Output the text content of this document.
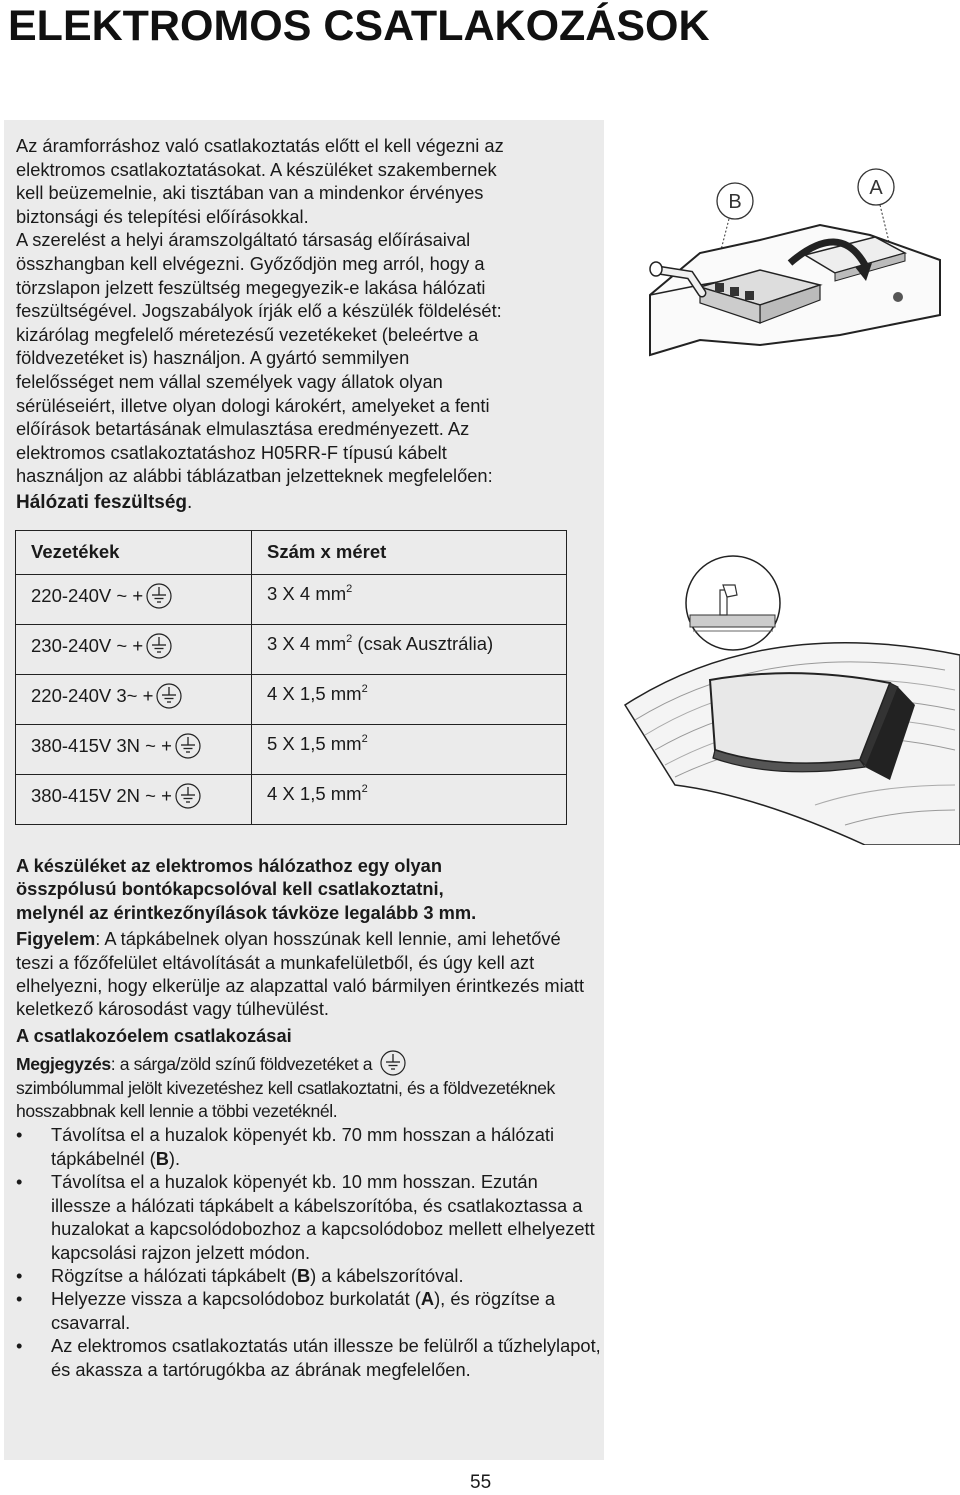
ELEKTROMOS CSATLAKOZÁSOK
Az áramforráshoz való csatlakoztatás előtt el kell végezni az
elektromos csatlakoztatásokat. A készüléket szakembernek
kell beüzemelnie, aki tisztában van a mindenkor érvényes
biztonsági és telepítési előírásokkal.
A szerelést a helyi áramszolgáltató társaság előírásaival
összhangban kell elvégezni. Győződjön meg arról, hogy a
törzslapon jelzett feszültség megegyezik-e lakása hálózati
feszültségével. Jogszabályok írják elő a készülék földelését:
kizárólag megfelelő méretezésű vezetékeket (beleértve a
földvezetéket is) használjon. A gyártó semmilyen
felelősséget nem vállal személyek vagy állatok olyan
sérüléseiért, illetve olyan dologi károkért, amelyeket a fenti
előírások betartásának elmulasztása eredményezett. Az
elektromos csatlakoztatáshoz H05RR-F típusú kábelt
használjon az alábbi táblázatban jelzetteknek megfelelően:
Hálózati feszültség.
Vezetékek	Szám x méret
220-240V ~ +	3 X 4 $mm^2$
230-240V ~ +	3 X 4 $mm^2$ (csak Ausztrália)
220-240V 3~ +	4 X 1,5 $mm^2$
380-415V 3N ~ +	5 X 1,5 $mm^2$
380-415V 2N ~ +	4 X 1,5 $mm^2$
A készüléket az elektromos hálózathoz egy olyan
összpólusú bontókapcsolóval kell csatlakoztatni,
melynél az érintkezőnyílások távköze legalább 3 mm.
Figyelem: A tápkábelnek olyan hosszúnak kell lennie, ami lehetővé teszi a főzőfelület eltávolítását a munkafelületből, és úgy kell azt elhelyezni, hogy elkerülje az alapzattal való bármilyen érintkezés miatt keletkező károsodást vagy túlhevülést.
A csatlakozóelem csatlakozásai
Megjegyzés: a sárga/zöld színű földvezetéket a
szimbólummal jelölt kivezetéshez kell csatlakoztatni, és a földvezetéknek hosszabbnak kell lennie a többi vezetéknél.
• Távolítsa el a huzalok köpenyét kb. 70 mm hosszan a hálózati tápkábelnél (B).
• Távolítsa el a huzalok köpenyét kb. 10 mm hosszan. Ezután illessze a hálózati tápkábelt a kábelszorítóba, és csatlakoztassa a huzalokat a kapcsolódobozhoz a kapcsolódoboz mellett elhelyezett kapcsolási rajzon jelzett módon.
• Rögzítse a hálózati tápkábelt (B) a kábelszorítóval.
• Helyezze vissza a kapcsolódoboz burkolatát (A), és rögzítse a csavarral.
• Az elektromos csatlakoztatás után illessze be felülről a tűzhelylapot, és akassza a tartórugókba az ábrának megfelelően.
B
A
55
